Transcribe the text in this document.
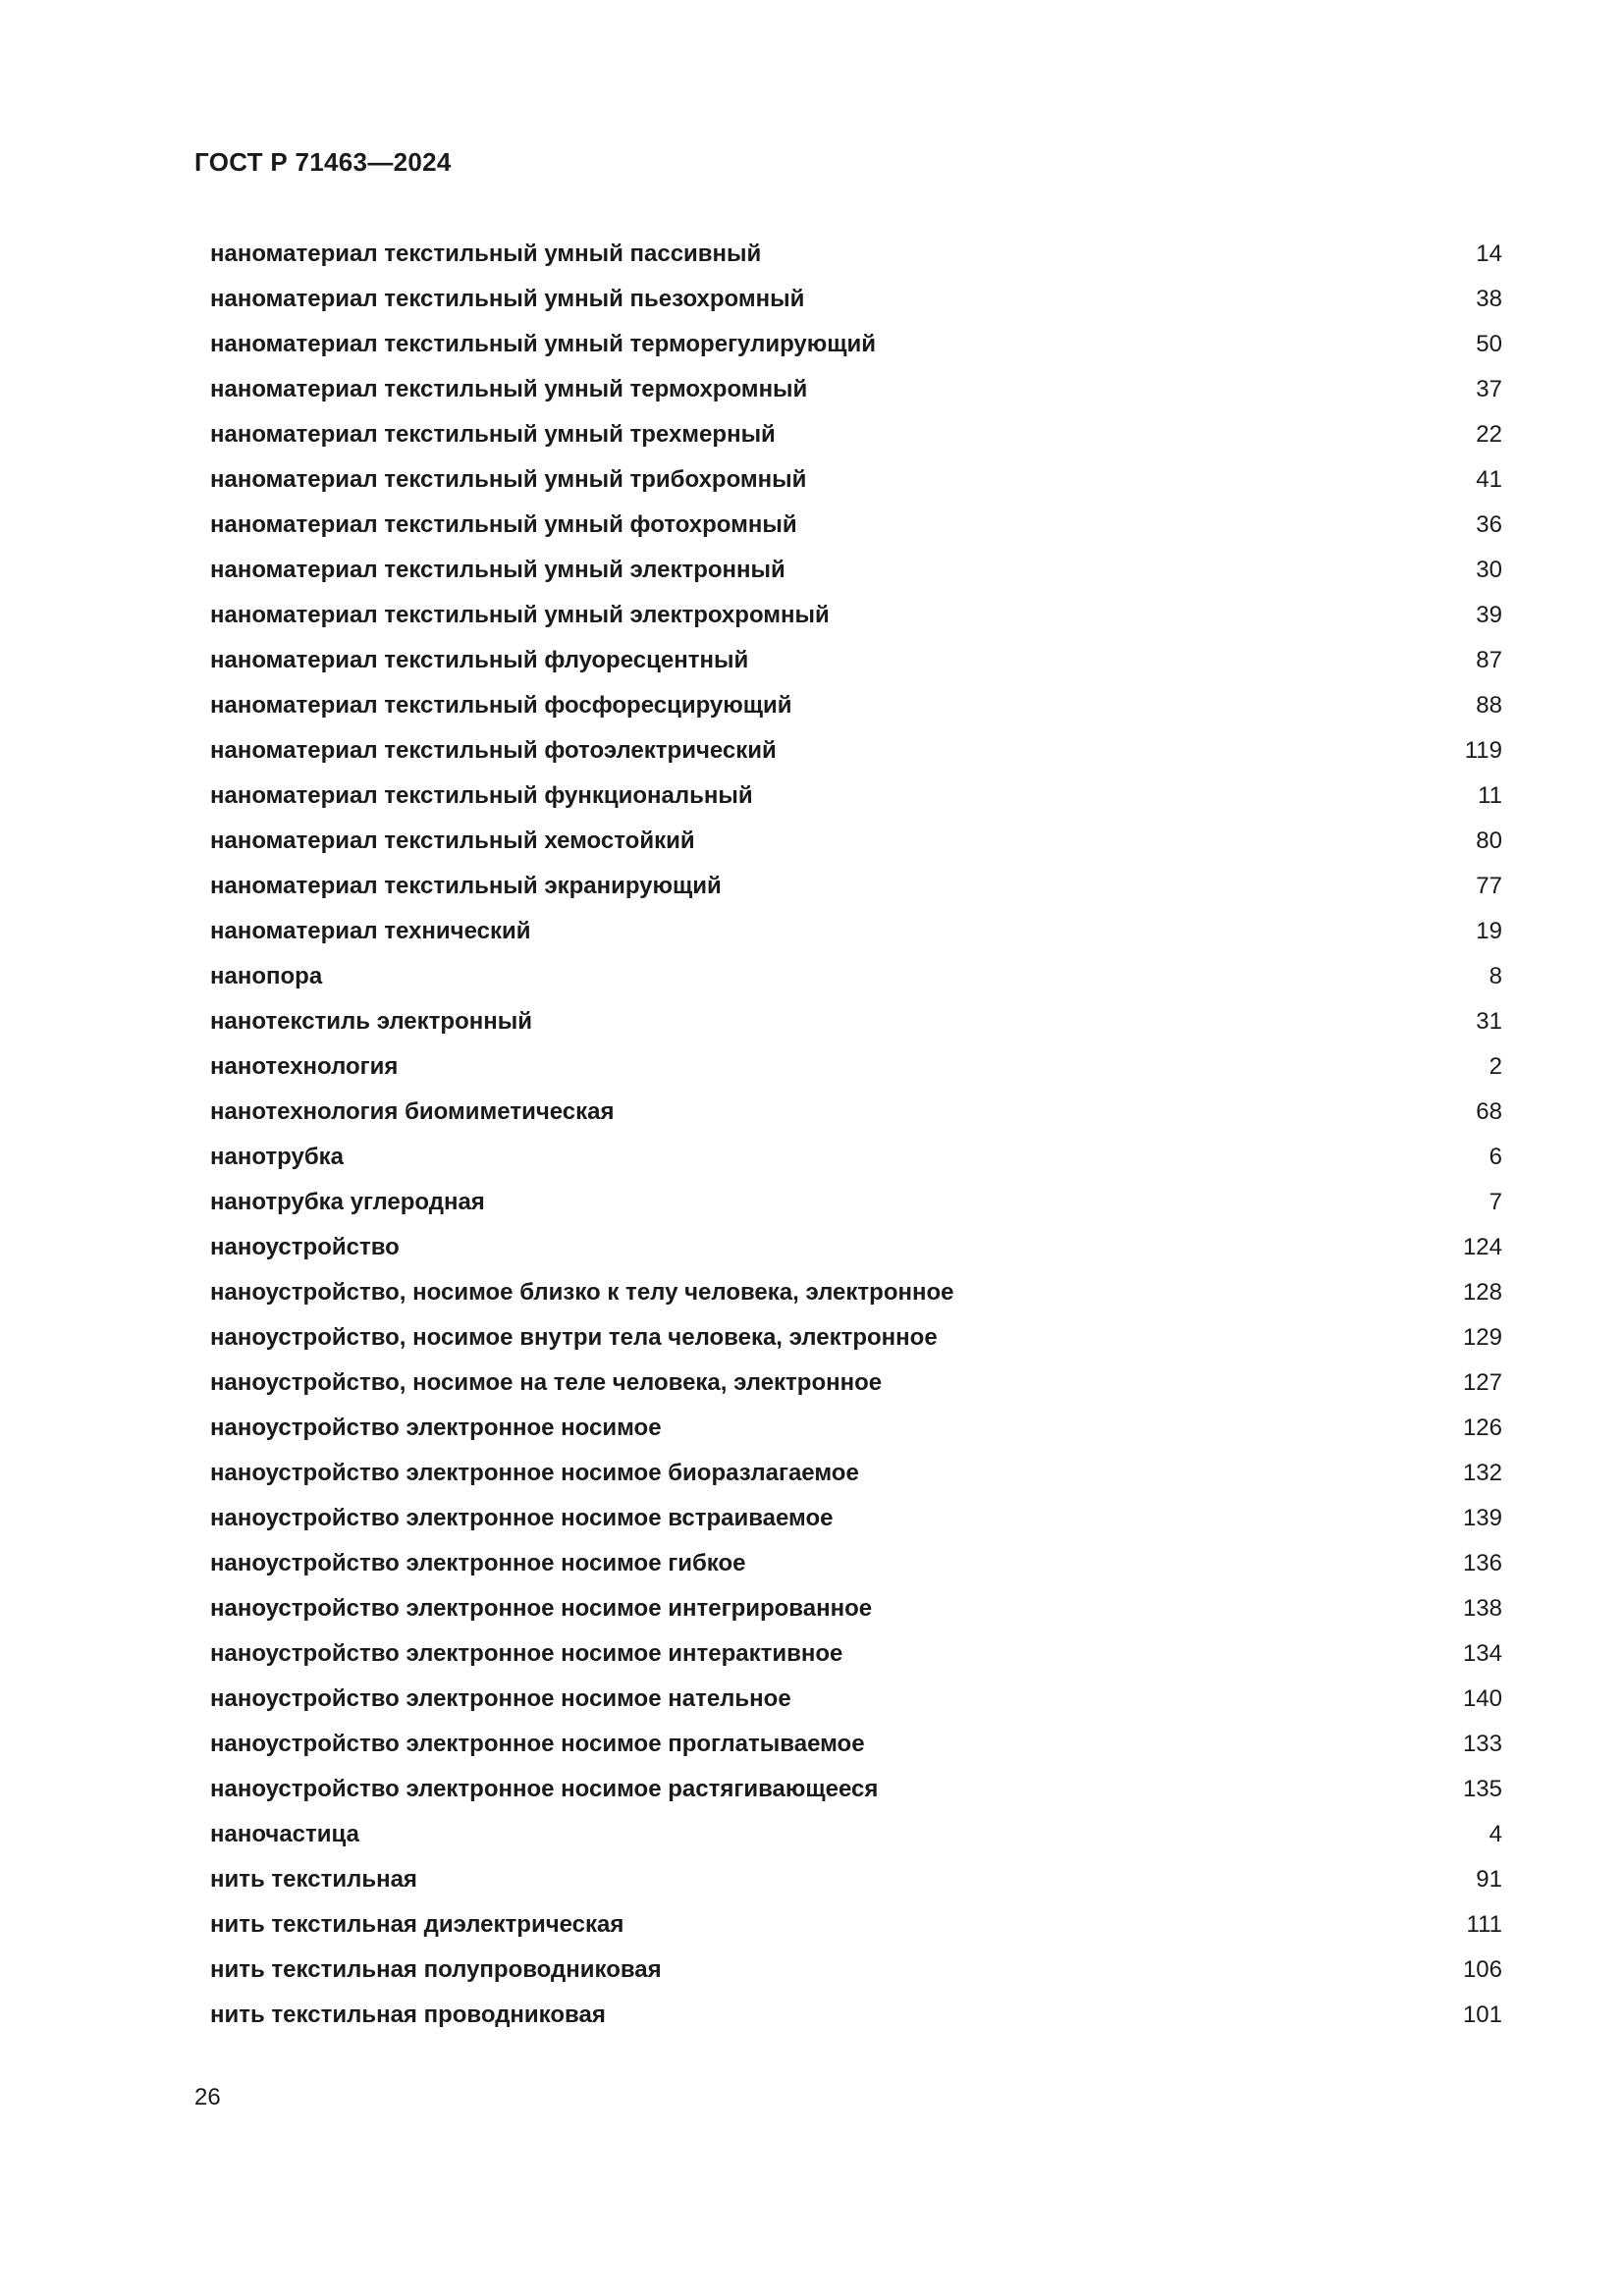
ГОСТ Р 71463—2024
наноматериал текстильный умный пассивный	14
наноматериал текстильный умный пьезохромный	38
наноматериал текстильный умный терморегулирующий	50
наноматериал текстильный умный термохромный	37
наноматериал текстильный умный трехмерный	22
наноматериал текстильный умный трибохромный	41
наноматериал текстильный умный фотохромный	36
наноматериал текстильный умный электронный	30
наноматериал текстильный умный электрохромный	39
наноматериал текстильный флуоресцентный	87
наноматериал текстильный фосфоресцирующий	88
наноматериал текстильный фотоэлектрический	119
наноматериал текстильный функциональный	11
наноматериал текстильный хемостойкий	80
наноматериал текстильный экранирующий	77
наноматериал технический	19
нанопора	8
нанотекстиль электронный	31
нанотехнология	2
нанотехнология биомиметическая	68
нанотрубка	6
нанотрубка углеродная	7
наноустройство	124
наноустройство, носимое близко к телу человека, электронное	128
наноустройство, носимое внутри тела человека, электронное	129
наноустройство, носимое на теле человека, электронное	127
наноустройство электронное носимое	126
наноустройство электронное носимое биоразлагаемое	132
наноустройство электронное носимое встраиваемое	139
наноустройство электронное носимое гибкое	136
наноустройство электронное носимое интегрированное	138
наноустройство электронное носимое интерактивное	134
наноустройство электронное носимое нательное	140
наноустройство электронное носимое проглатываемое	133
наноустройство электронное носимое растягивающееся	135
наночастица	4
нить текстильная	91
нить текстильная диэлектрическая	111
нить текстильная полупроводниковая	106
нить текстильная проводниковая	101
26
